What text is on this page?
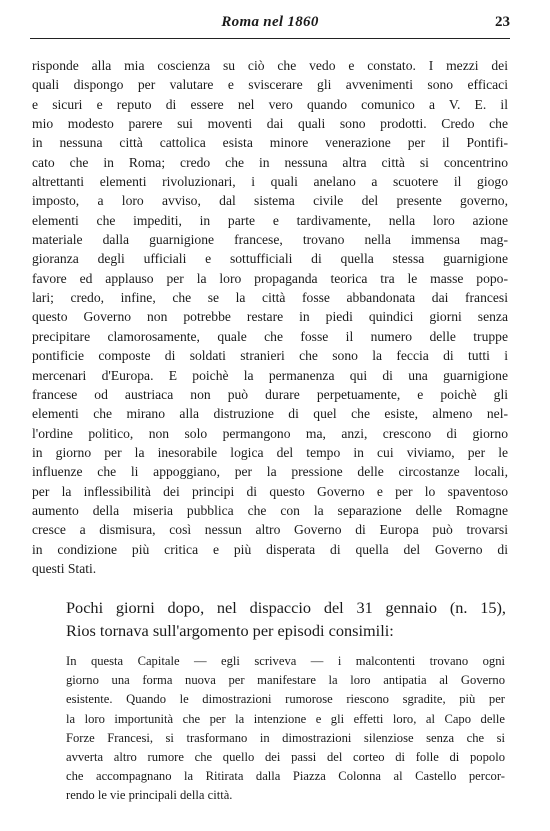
Roma nel 1860	23
risponde alla mia coscienza su ciò che vedo e constato. I mezzi dei
quali dispongo per valutare e sviscerare gli avvenimenti sono efficaci
e sicuri e reputo di essere nel vero quando comunico a V. E. il
mio modesto parere sui moventi dai quali sono prodotti. Credo che
in nessuna città cattolica esista minore venerazione per il Pontifi-
cato che in Roma; credo che in nessuna altra città si concentrino
altrettanti elementi rivoluzionari, i quali anelano a scuotere il giogo
imposto, a loro avviso, dal sistema civile del presente governo,
elementi che impediti, in parte e tardivamente, nella loro azione
materiale dalla guarnigione francese, trovano nella immensa mag-
gioranza degli ufficiali e sottufficiali di quella stessa guarnigione
favore ed applauso per la loro propaganda teorica tra le masse popo-
lari; credo, infine, che se la città fosse abbandonata dai francesi
questo Governo non potrebbe restare in piedi quindici giorni senza
precipitare clamorosamente, quale che fosse il numero delle truppe
pontificie composte di soldati stranieri che sono la feccia di tutti i
mercenari d'Europa. E poichè la permanenza qui di una guarnigione
francese od austriaca non può durare perpetuamente, e poichè gli
elementi che mirano alla distruzione di quel che esiste, almeno nel-
l'ordine politico, non solo permangono ma, anzi, crescono di giorno
in giorno per la inesorabile logica del tempo in cui viviamo, per le
influenze che li appoggiano, per la pressione delle circostanze locali,
per la inflessibilità dei principi di questo Governo e per lo spaventoso
aumento della miseria pubblica che con la separazione delle Romagne
cresce a dismisura, così nessun altro Governo di Europa può trovarsi
in condizione più critica e più disperata di quella del Governo di
questi Stati.
Pochi giorni dopo, nel dispaccio del 31 gennaio (n. 15),
Rios tornava sull'argomento per episodi consimili:
In questa Capitale — egli scriveva — i malcontenti trovano ogni
giorno una forma nuova per manifestare la loro antipatia al Governo
esistente. Quando le dimostrazioni rumorose riescono sgradite, più per
la loro importunità che per la intenzione e gli effetti loro, al Capo delle
Forze Francesi, si trasformano in dimostrazioni silenziose senza che si
avverta altro rumore che quello dei passi del corteo di folle di popolo
che accompagnano la Ritirata dalla Piazza Colonna al Castello percor-
rendo le vie principali della città.
